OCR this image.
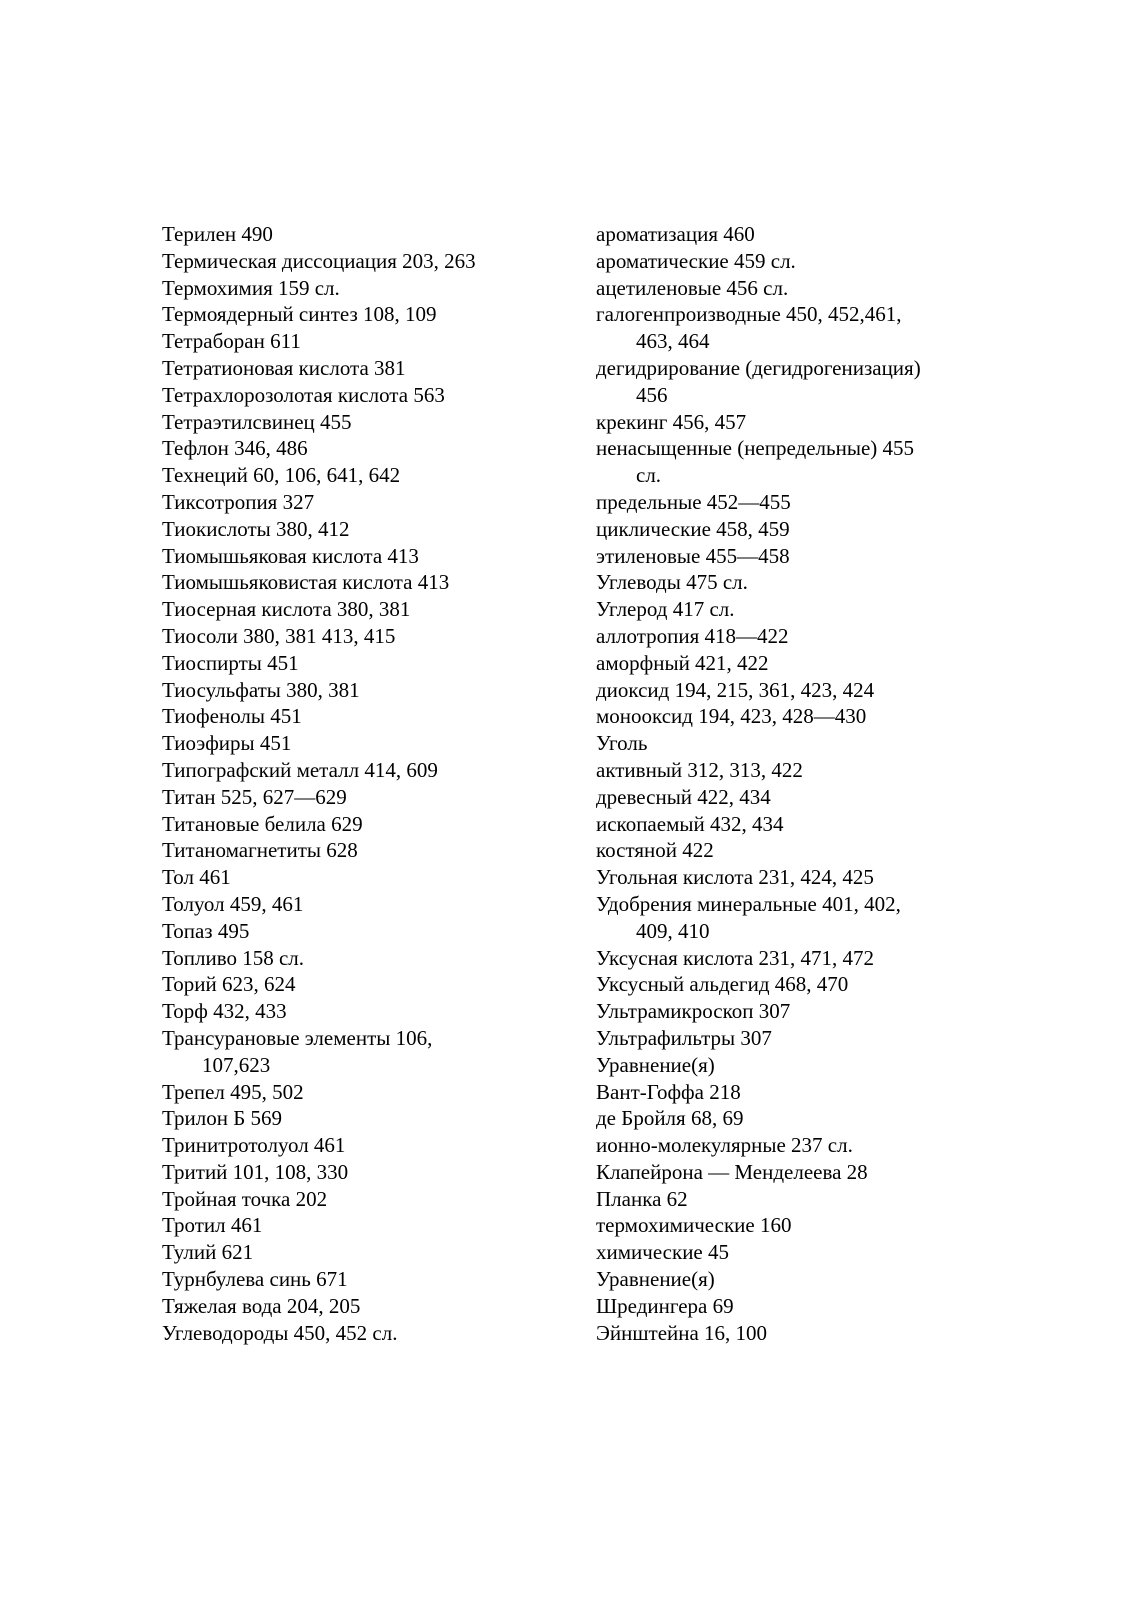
Терилен 490
Термическая диссоциация 203, 263
Термохимия 159 сл.
Термоядерный синтез 108, 109
Тетраборан 611
Тетратионовая кислота 381
Тетрахлорозолотая кислота 563
Тетраэтилсвинец 455
Тефлон 346, 486
Технеций 60, 106, 641, 642
Тиксотропия 327
Тиокислоты 380, 412
Тиомышьяковая кислота 413
Тиомышьяковистая кислота 413
Тиосерная кислота 380, 381
Тиосоли 380, 381 413, 415
Тиоспирты 451
Тиосульфаты 380, 381
Тиофенолы 451
Тиоэфиры 451
Типографский металл 414, 609
Титан 525, 627—629
Титановые белила 629
Титаномагнетиты 628
Тол 461
Толуол 459, 461
Топаз 495
Топливо 158 сл.
Торий 623, 624
Торф 432, 433
Трансурановые элементы 106,
107,623
Трепел 495, 502
Трилон Б 569
Тринитротолуол 461
Тритий 101, 108, 330
Тройная точка 202
Тротил 461
Тулий 621
Турнбулева синь 671
Тяжелая вода 204, 205
Углеводороды 450, 452 сл.
ароматизация 460
ароматические 459 сл.
ацетиленовые 456 сл.
галогенпроизводные 450, 452,461,
463, 464
дегидрирование (дегидрогенизация)
456
крекинг 456, 457
ненасыщенные (непредельные) 455
сл.
предельные 452—455
циклические 458, 459
этиленовые 455—458
Углеводы 475 сл.
Углерод 417 сл.
аллотропия 418—422
аморфный 421, 422
диоксид 194, 215, 361, 423, 424
монооксид 194, 423, 428—430
Уголь
активный 312, 313, 422
древесный 422, 434
ископаемый 432, 434
костяной 422
Угольная кислота 231, 424, 425
Удобрения минеральные 401, 402,
409, 410
Уксусная кислота 231, 471, 472
Уксусный альдегид 468, 470
Ультрамикроскоп 307
Ультрафильтры 307
Уравнение(я)
Вант-Гоффа 218
де Бройля 68, 69
ионно-молекулярные 237 сл.
Клапейрона — Менделеева 28
Планка 62
термохимические 160
химические 45
Уравнение(я)
Шредингера 69
Эйнштейна 16, 100
